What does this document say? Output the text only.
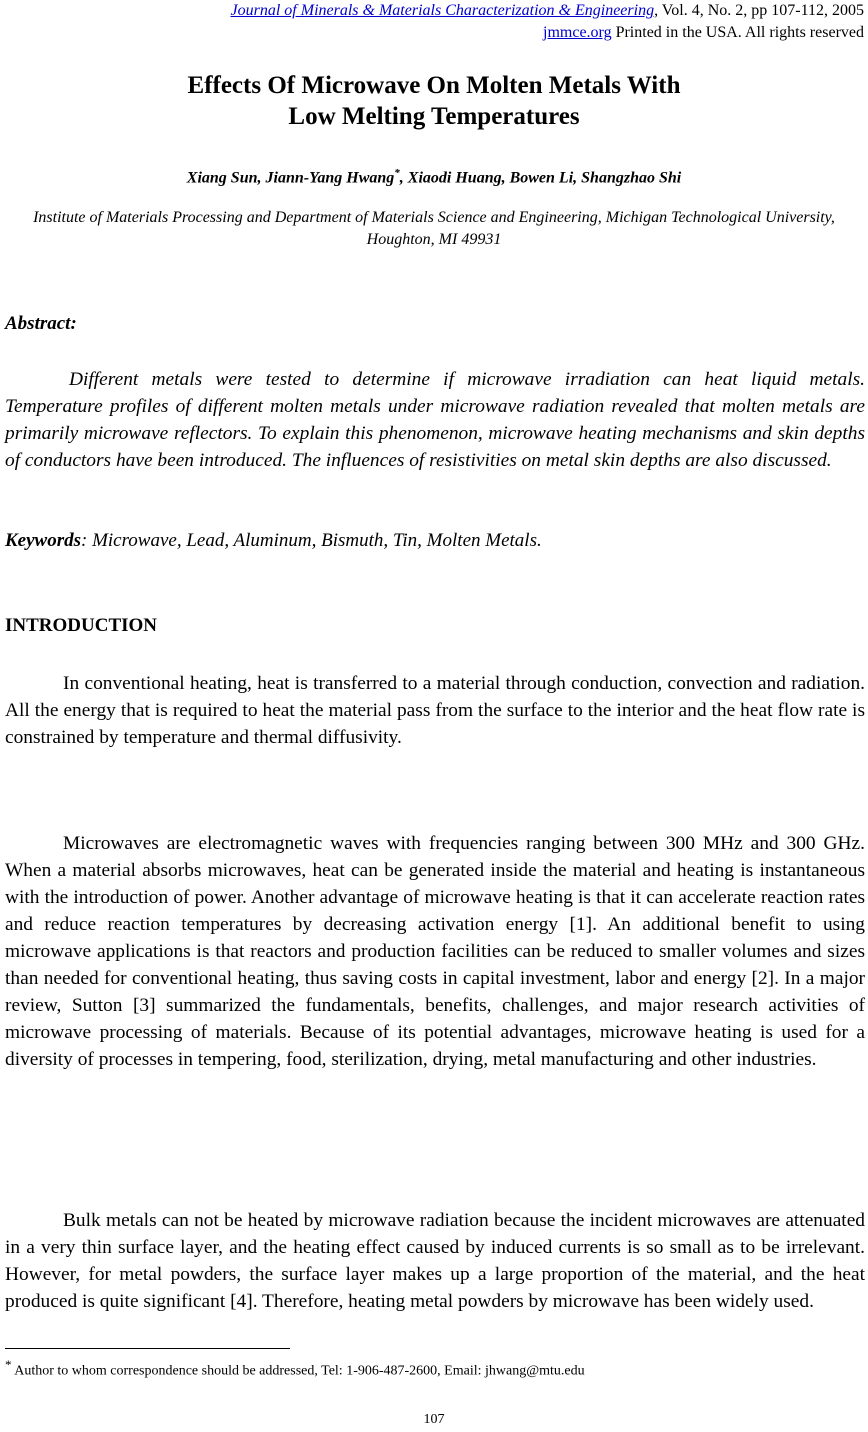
Journal of Minerals & Materials Characterization & Engineering, Vol. 4, No. 2, pp 107-112, 2005
jmmce.org Printed in the USA. All rights reserved
Effects Of Microwave On Molten Metals With
Low Melting Temperatures
Xiang Sun, Jiann-Yang Hwang*, Xiaodi Huang, Bowen Li, Shangzhao Shi
Institute of Materials Processing and Department of Materials Science and Engineering, Michigan Technological University, Houghton, MI 49931
Abstract:
Different metals were tested to determine if microwave irradiation can heat liquid metals. Temperature profiles of different molten metals under microwave radiation revealed that molten metals are primarily microwave reflectors. To explain this phenomenon, microwave heating mechanisms and skin depths of conductors have been introduced. The influences of resistivities on metal skin depths are also discussed.
Keywords: Microwave, Lead, Aluminum, Bismuth, Tin, Molten Metals.
INTRODUCTION

In conventional heating, heat is transferred to a material through conduction, convection and radiation. All the energy that is required to heat the material pass from the surface to the interior and the heat flow rate is constrained by temperature and thermal diffusivity.

Microwaves are electromagnetic waves with frequencies ranging between 300 MHz and 300 GHz. When a material absorbs microwaves, heat can be generated inside the material and heating is instantaneous with the introduction of power. Another advantage of microwave heating is that it can accelerate reaction rates and reduce reaction temperatures by decreasing activation energy [1]. An additional benefit to using microwave applications is that reactors and production facilities can be reduced to smaller volumes and sizes than needed for conventional heating, thus saving costs in capital investment, labor and energy [2]. In a major review, Sutton [3] summarized the fundamentals, benefits, challenges, and major research activities of microwave processing of materials. Because of its potential advantages, microwave heating is used for a diversity of processes in tempering, food, sterilization, drying, metal manufacturing and other industries.

Bulk metals can not be heated by microwave radiation because the incident microwaves are attenuated in a very thin surface layer, and the heating effect caused by induced currents is so small as to be irrelevant. However, for metal powders, the surface layer makes up a large proportion of the material, and the heat produced is quite significant [4]. Therefore, heating metal powders by microwave has been widely used.

* Author to whom correspondence should be addressed, Tel: 1-906-487-2600, Email: jhwang@mtu.edu
107
